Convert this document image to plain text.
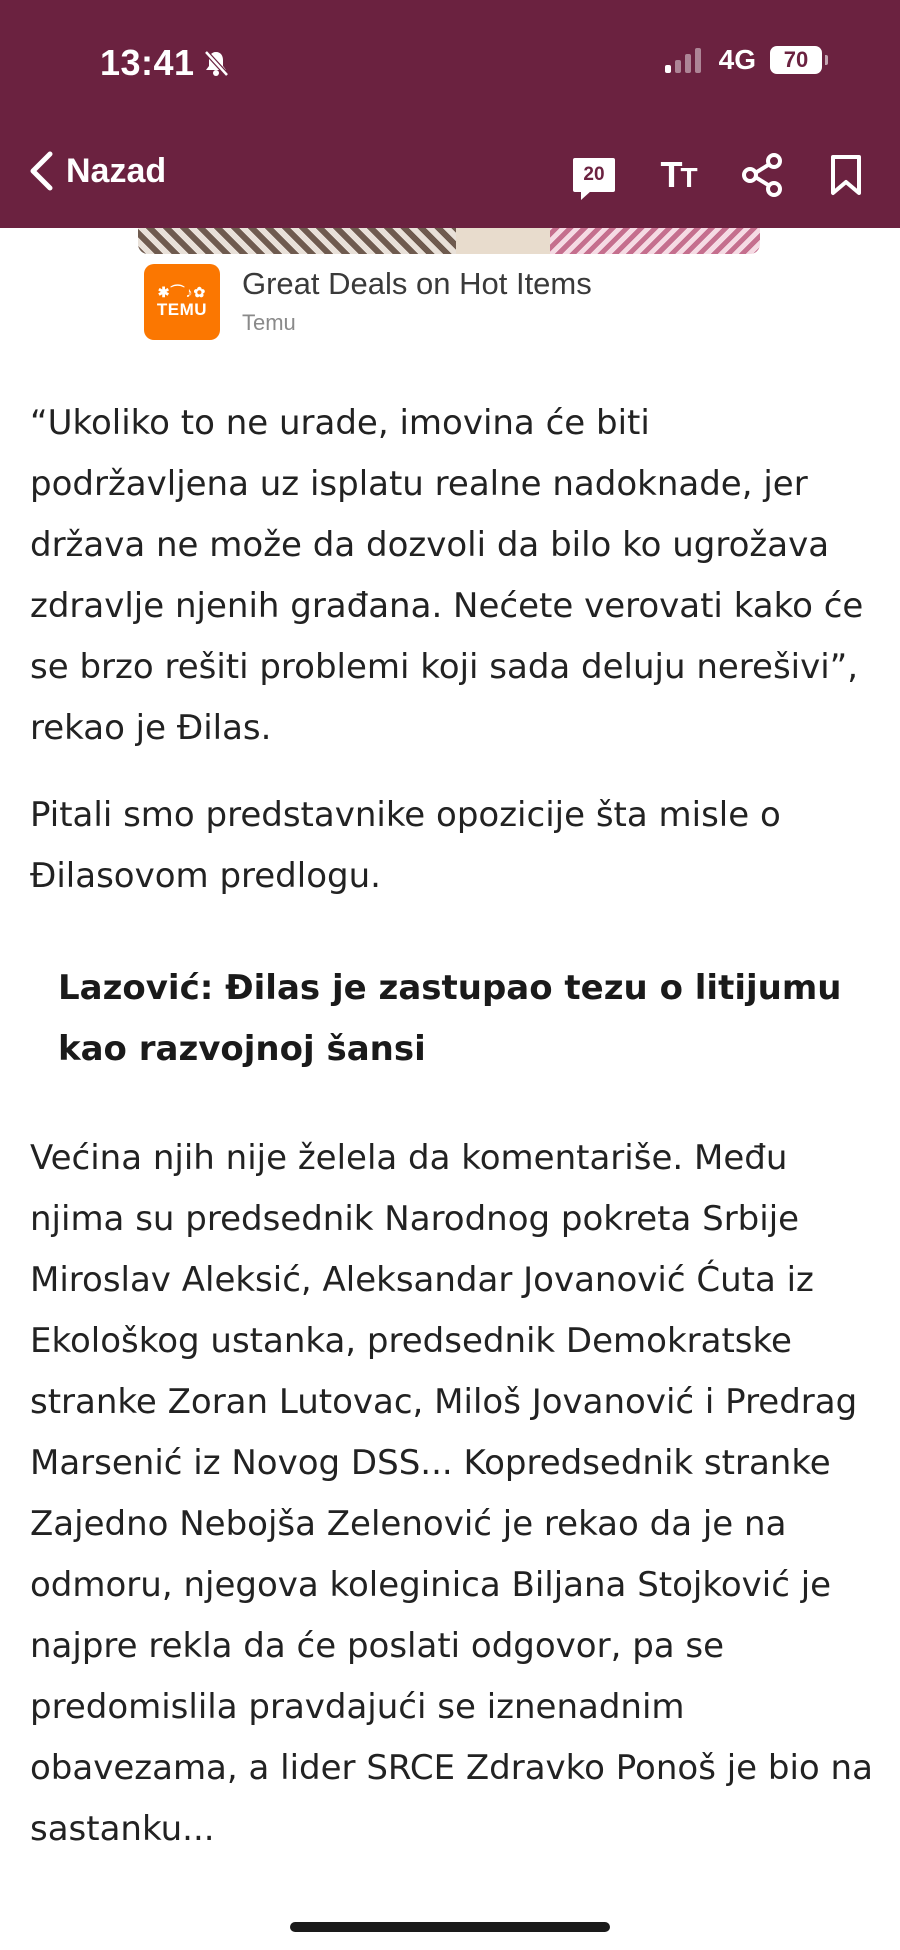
13:41	4G 70
Nazad	20 TT
✱⌒♪✿
TEMU
Great Deals on Hot Items
Temu

“Ukoliko to ne urade, imovina će biti podržavljena uz isplatu realne nadoknade, jer država ne može da dozvoli da bilo ko ugrožava zdravlje njenih građana. Nećete verovati kako će se brzo rešiti problemi koji sada deluju nerešivi”, rekao je Đilas.

Pitali smo predstavnike opozicije šta misle o Đilasovom predlogu.

Lazović: Đilas je zastupao tezu o litijumu kao razvojnoj šansi

Većina njih nije želela da komentariše. Među njima su predsednik Narodnog pokreta Srbije Miroslav Aleksić, Aleksandar Jovanović Ćuta iz Ekološkog ustanka, predsednik Demokratske stranke Zoran Lutovac, Miloš Jovanović i Predrag Marsenić iz Novog DSS... Kopredsednik stranke Zajedno Nebojša Zelenović je rekao da je na odmoru, njegova koleginica Biljana Stojković je najpre rekla da će poslati odgovor, pa se predomislila pravdajući se iznenadnim obavezama, a lider SRCE Zdravko Ponoš je bio na sastanku...
